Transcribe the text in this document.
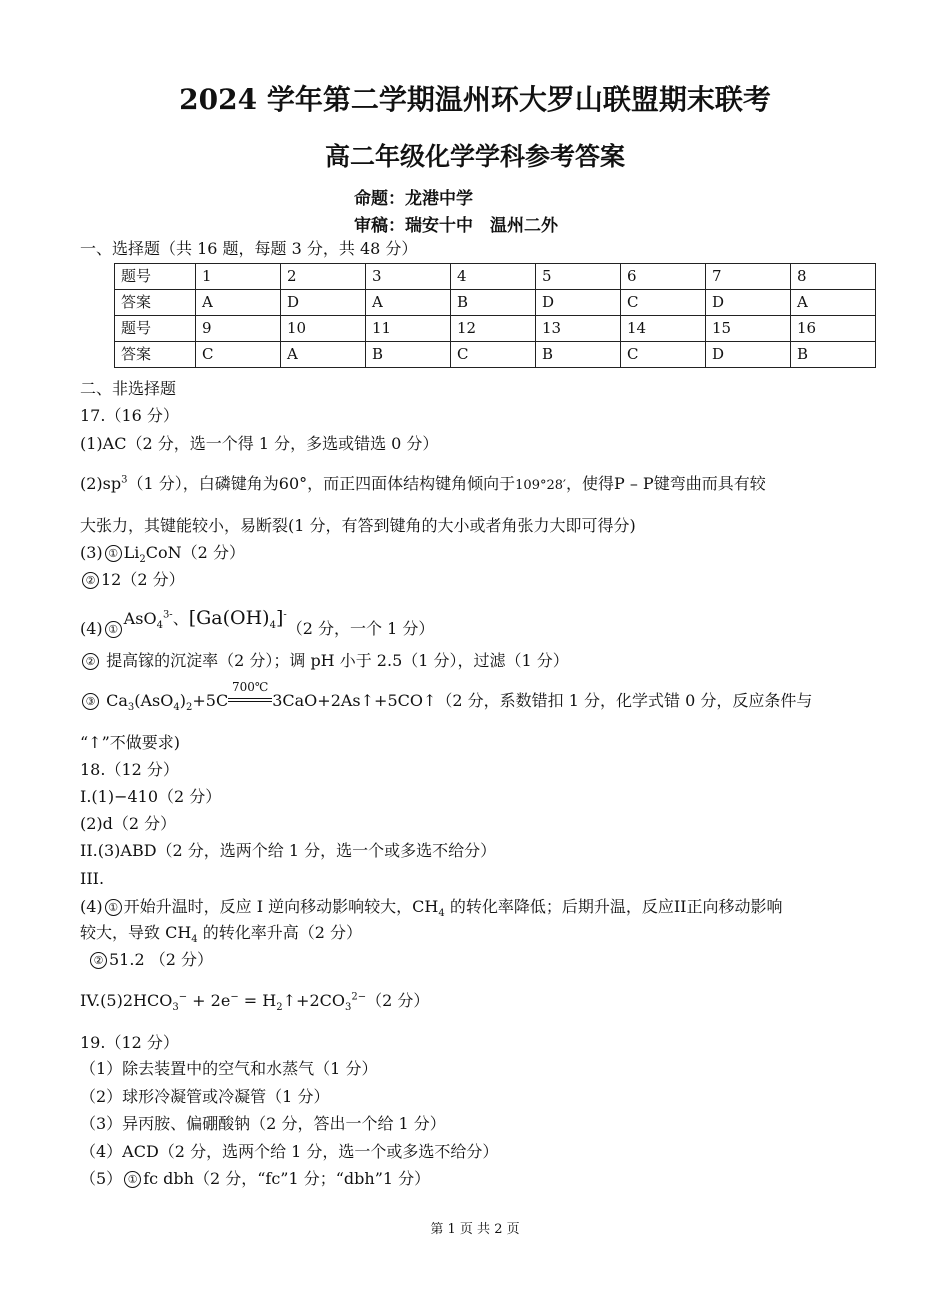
2024 学年第二学期温州环大罗山联盟期末联考
高二年级化学学科参考答案
命题：龙港中学
审稿：瑞安十中　温州二外
一、选择题（共 16 题，每题 3 分，共 48 分）
题号	1	2	3	4	5	6	7	8
答案	A	D	A	B	D	C	D	A
题号	9	10	11	12	13	14	15	16
答案	C	A	B	C	B	C	D	B
二、非选择题
17.（16 分）
(1)AC（2 分，选一个得 1 分，多选或错选 0 分）
$(2)sp^3(1$ 分），白磷键角为60°，而正四面体结构键角倾向于109°28′，使得P – P键弯曲而具有较
大张力，其键能较小，易断裂(1 分，有答到键角的大小或者角张力大即可得分)
(3) ① $Li_2CoN(2$ 分）
② 12（2 分）
(4) ①AsO$_4^{3-}$、$[Ga(OH)_4]^-(2$ 分，一个 1 分）
② 提高镓的沉淀率（2 分）；调 pH 小于 2.5（1 分），过滤（1 分）
③ $Ca_3(AsO_4)_2+5C$
700℃
3CaO+2As↑+5CO↑（2 分，系数错扣 1 分，化学式错 0 分，反应条件与
“↑”不做要求)
18.（12 分）
I.(1)−410（2 分）
(2)d（2 分）
II.(3)ABD（2 分，选两个给 1 分，选一个或多选不给分）
III.
(4) ① 开始升温时，反应 I 逆向移动影响较大，$CH_4$ 的转化率降低；后期升温，反应II正向移动影响
较大，导致 $CH_4$ 的转化率升高（2 分）
② 51.2 （2 分）
$IV.(5)2HCO_3^- + 2e^-$ = $H_2↑+2CO_3^{2-}(2$ 分）
19.（12 分）
（1）除去装置中的空气和水蒸气（1 分）
（2）球形冷凝管或冷凝管（1 分）
（3）异丙胺、偏硼酸钠（2 分，答出一个给 1 分）
（4）ACD（2 分，选两个给 1 分，选一个或多选不给分）
（5） ① fc dbh（2 分，“fc”1 分；“dbh”1 分）
第 1 页 共 2 页
